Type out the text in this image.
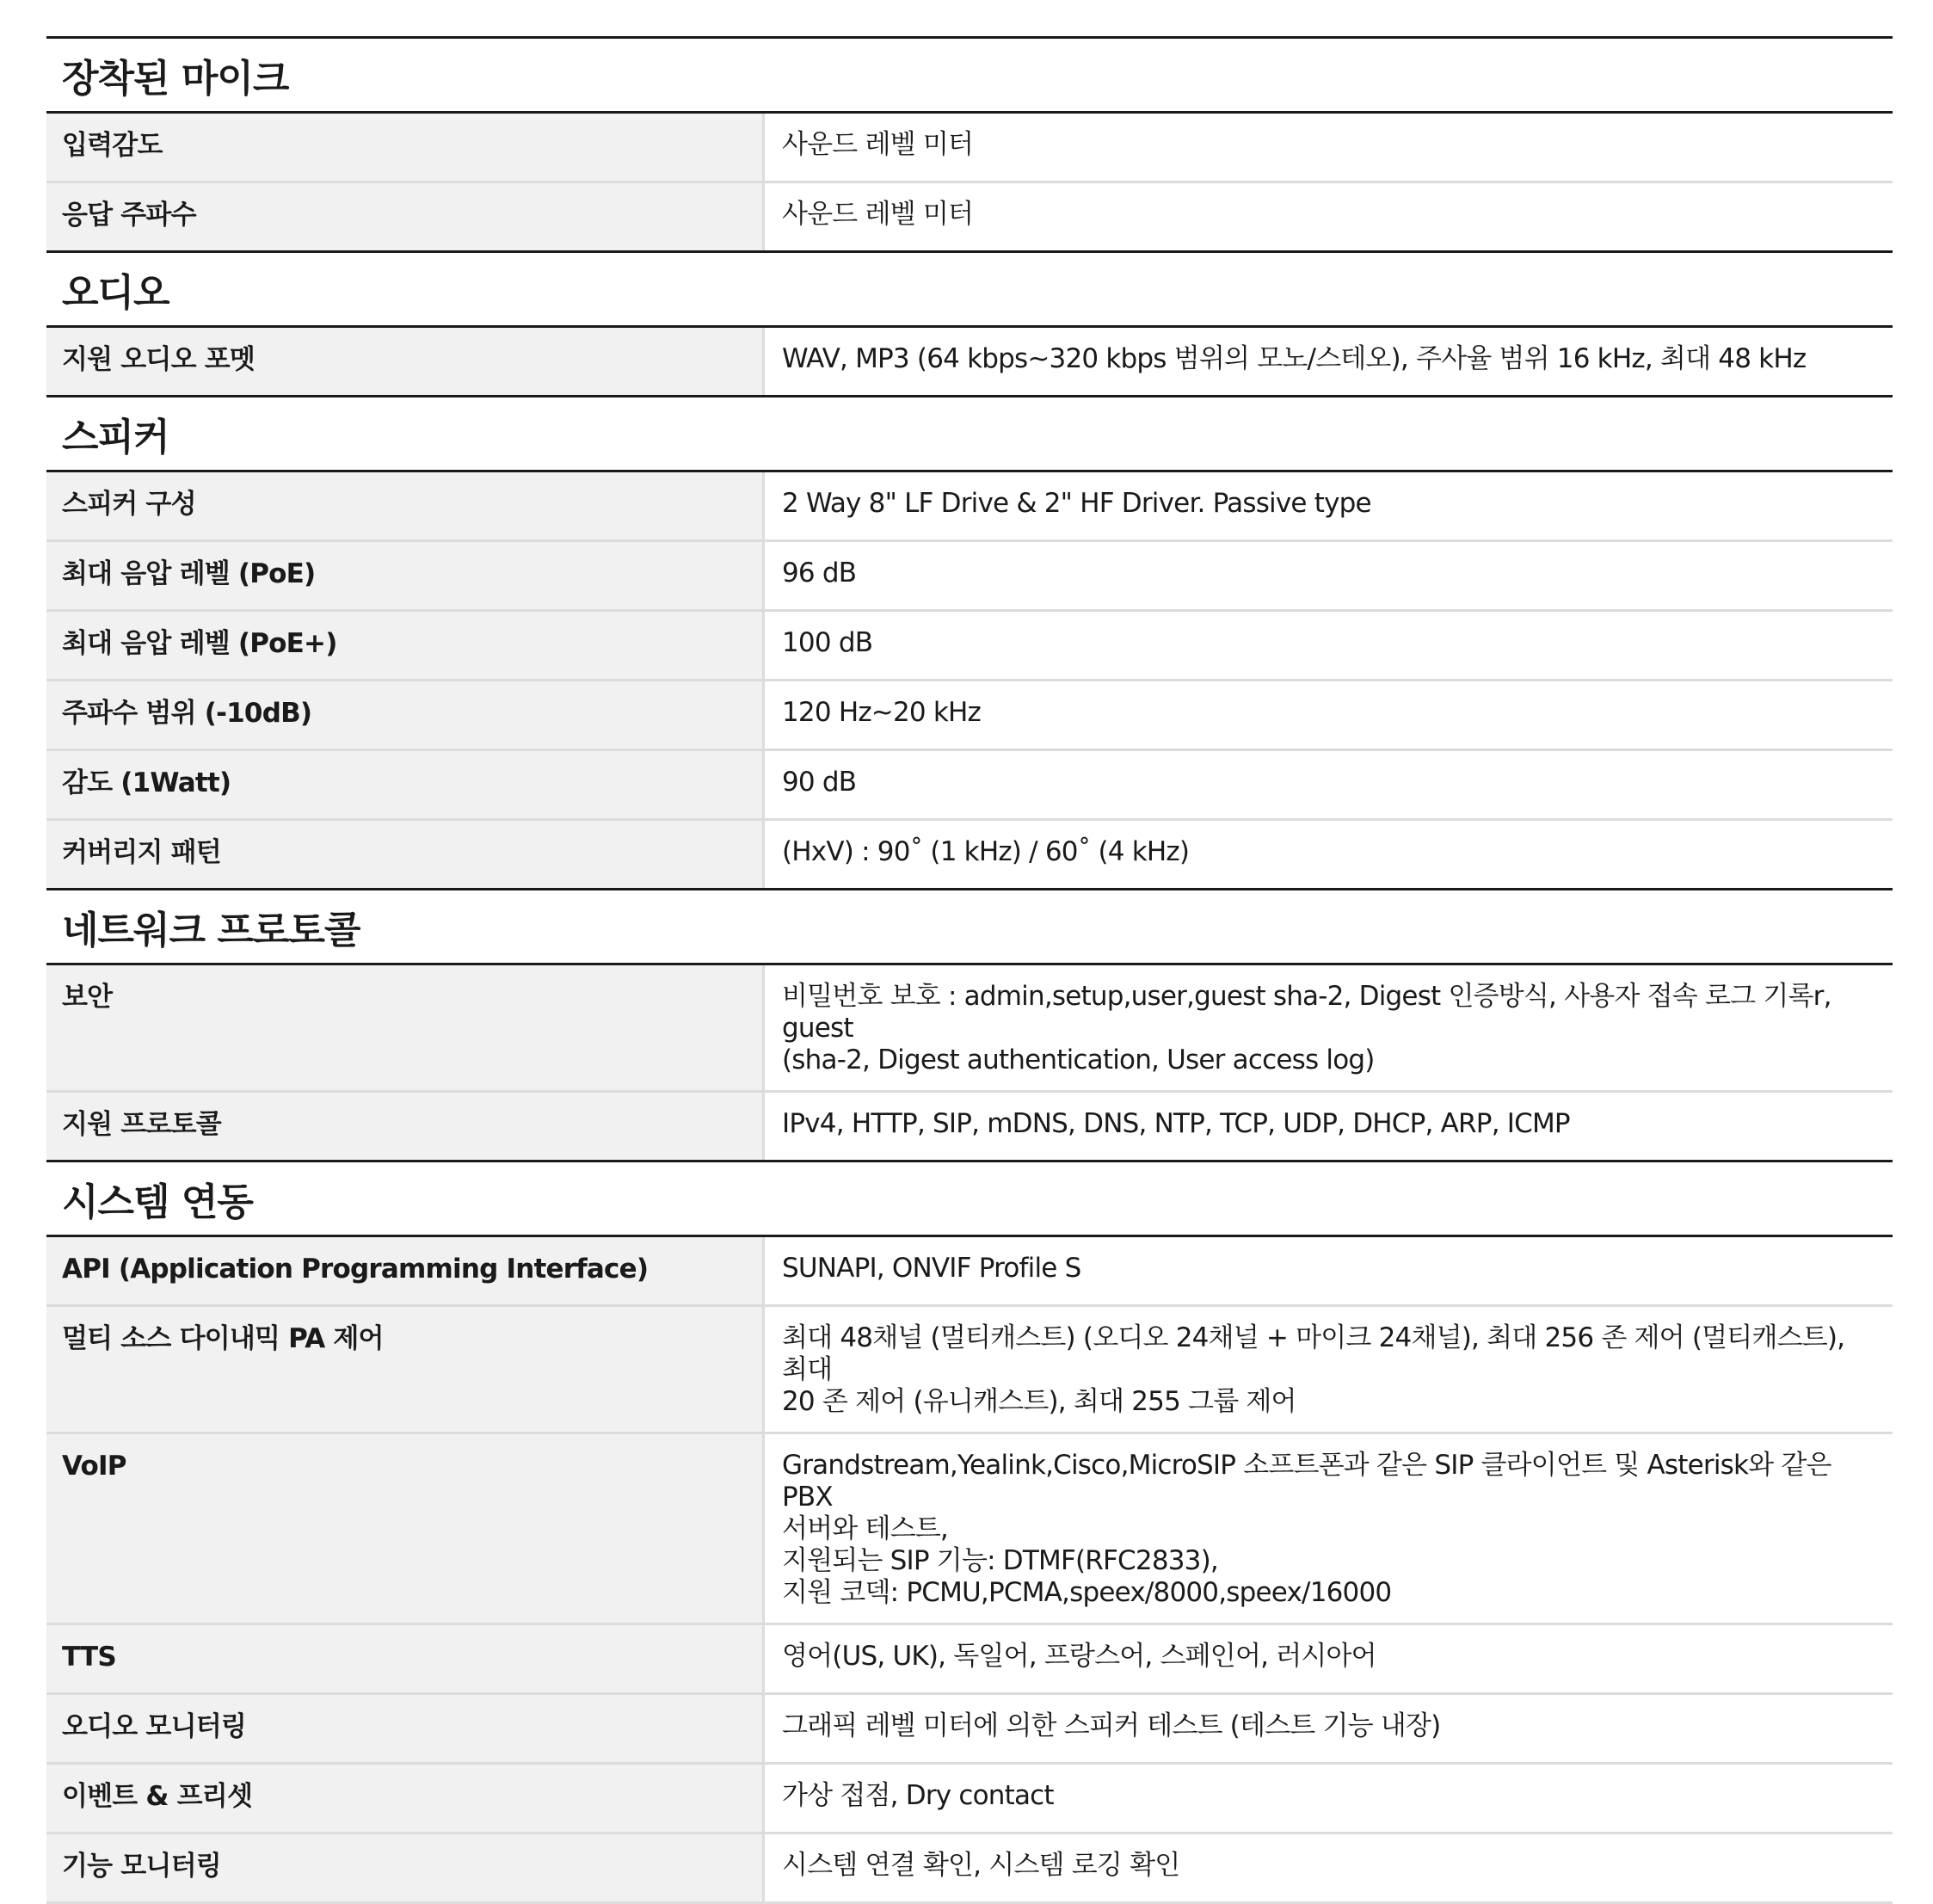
장착된 마이크
입력감도	사운드 레벨 미터
응답 주파수	사운드 레벨 미터
오디오
지원 오디오 포멧	WAV, MP3 (64 kbps~320 kbps 범위의 모노/스테오), 주사율 범위 16 kHz, 최대 48 kHz
스피커
스피커 구성	2 Way 8" LF Drive & 2" HF Driver. Passive type
최대 음압 레벨 (PoE)	96 dB
최대 음압 레벨 (PoE+)	100 dB
주파수 범위 (-10dB)	120 Hz~20 kHz
감도 (1Watt)	90 dB
커버리지 패턴	(HxV) : 90˚ (1 kHz) / 60˚ (4 kHz)
네트워크 프로토콜
보안	비밀번호 보호 : admin,setup,user,guest sha-2, Digest 인증방식, 사용자 접속 로그 기록r, guest
(sha-2, Digest authentication, User access log)
지원 프로토콜	IPv4, HTTP, SIP, mDNS, DNS, NTP, TCP, UDP, DHCP, ARP, ICMP
시스템 연동
API (Application Programming Interface)	SUNAPI, ONVIF Profile S
멀티 소스 다이내믹 PA 제어	최대 48채널 (멀티캐스트) (오디오 24채널 + 마이크 24채널), 최대 256 존 제어 (멀티캐스트), 최대
20 존 제어 (유니캐스트), 최대 255 그룹 제어
VoIP	Grandstream,Yealink,Cisco,MicroSIP 소프트폰과 같은 SIP 클라이언트 및 Asterisk와 같은 PBX
서버와 테스트,
지원되는 SIP 기능: DTMF(RFC2833),
지원 코덱: PCMU,PCMA,speex/8000,speex/16000
TTS	영어(US, UK), 독일어, 프랑스어, 스페인어, 러시아어
오디오 모니터링	그래픽 레벨 미터에 의한 스피커 테스트 (테스트 기능 내장)
이벤트 & 프리셋	가상 접점, Dry contact
기능 모니터링	시스템 연결 확인, 시스템 로깅 확인
